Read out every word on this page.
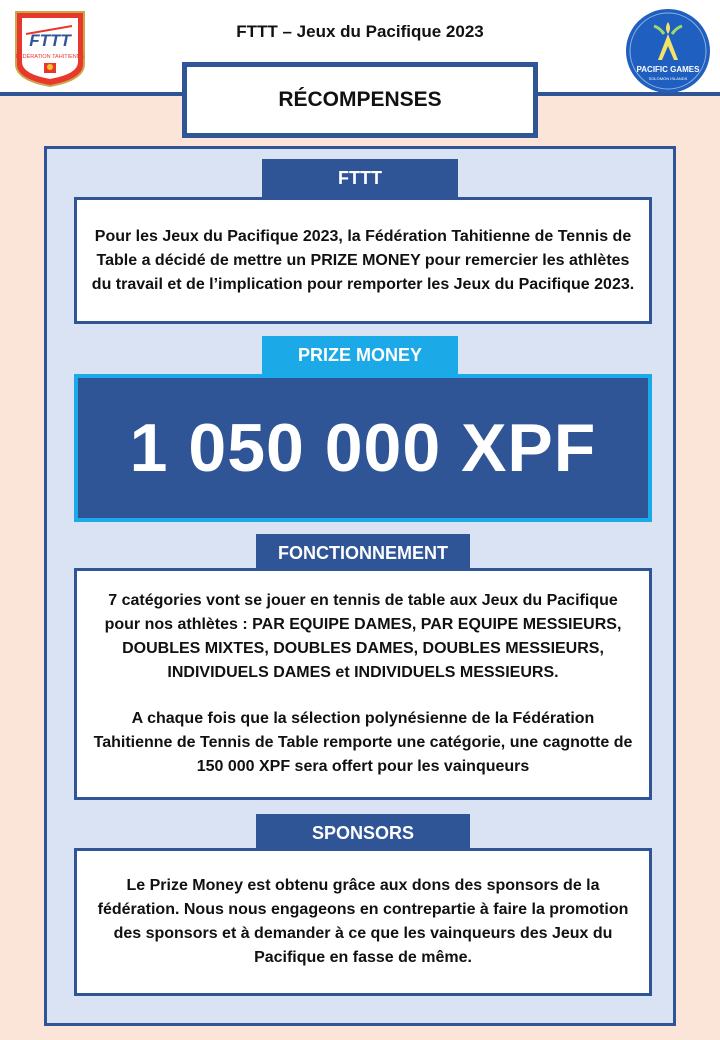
FTTT
FÉDÉRATION TAHITIENNE
FTTT – Jeux du Pacifique 2023
PACIFIC GAMES
SOLOMON ISLANDS
RÉCOMPENSES
FTTT

Pour les Jeux du Pacifique 2023, la Fédération Tahitienne de Tennis de Table a décidé de mettre un PRIZE MONEY pour remercier les athlètes du travail et de l’implication pour remporter les Jeux du Pacifique 2023.

PRIZE MONEY
1 050 000 XPF
FONCTIONNEMENT

7 catégories vont se jouer en tennis de table aux Jeux du Pacifique pour nos athlètes : PAR EQUIPE DAMES, PAR EQUIPE MESSIEURS, DOUBLES MIXTES, DOUBLES DAMES, DOUBLES MESSIEURS, INDIVIDUELS DAMES et INDIVIDUELS MESSIEURS.

A chaque fois que la sélection polynésienne de la Fédération Tahitienne de Tennis de Table remporte une catégorie, une cagnotte de 150 000 XPF sera offert pour les vainqueurs

SPONSORS

Le Prize Money est obtenu grâce aux dons des sponsors de la fédération. Nous nous engageons en contrepartie à faire la promotion des sponsors et à demander à ce que les vainqueurs des Jeux du Pacifique en fasse de même.
